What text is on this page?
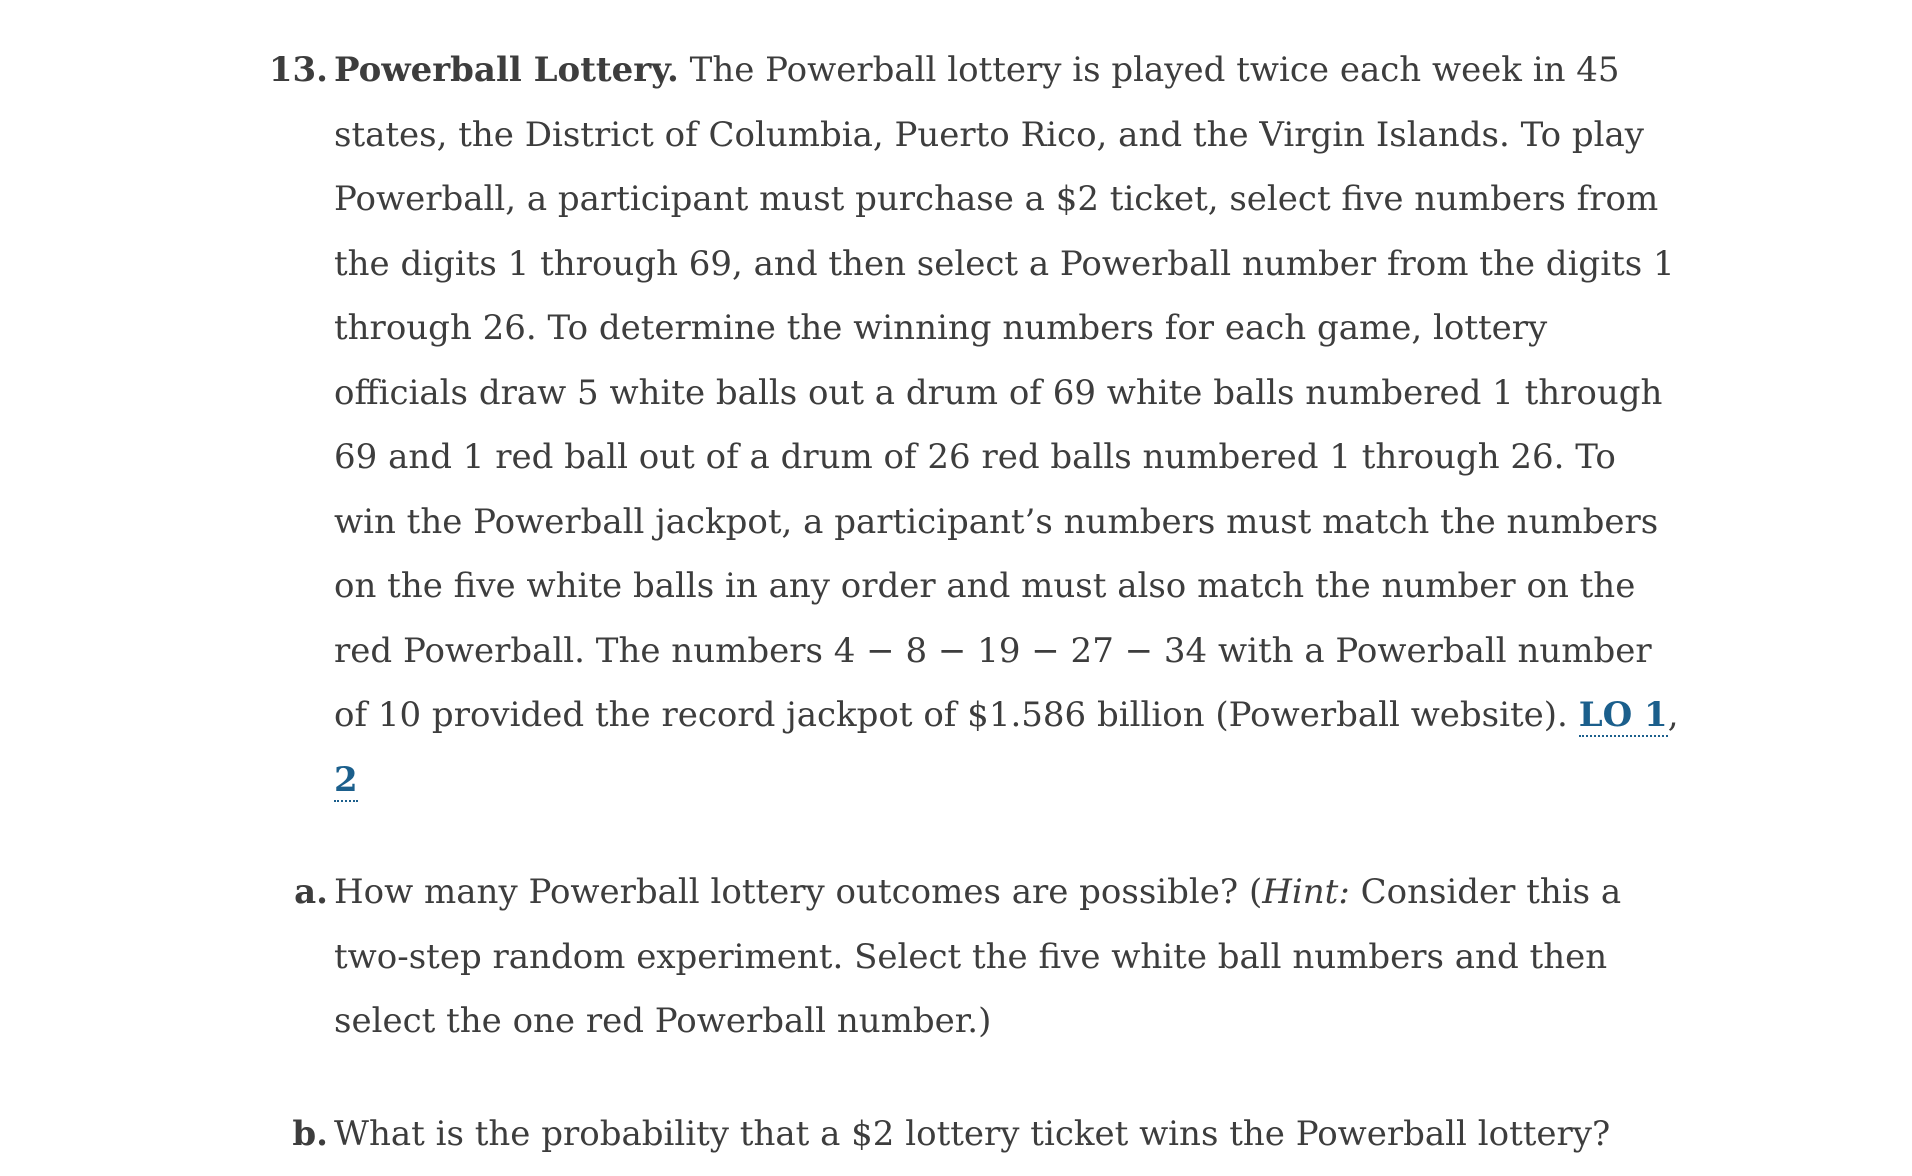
13. Powerball Lottery. The Powerball lottery is played twice each week in 45 states, the District of Columbia, Puerto Rico, and the Virgin Islands. To play Powerball, a participant must purchase a $2 ticket, select five numbers from the digits 1 through 69, and then select a Powerball number from the digits 1 through 26. To determine the winning numbers for each game, lottery officials draw 5 white balls out a drum of 69 white balls numbered 1 through 69 and 1 red ball out of a drum of 26 red balls numbered 1 through 26. To win the Powerball jackpot, a participant’s numbers must match the numbers on the five white balls in any order and must also match the number on the red Powerball. The numbers 4 − 8 − 19 − 27 − 34 with a Powerball number of 10 provided the record jackpot of $1.586 billion (Powerball website). LO 1, 2
a. How many Powerball lottery outcomes are possible? (Hint: Consider this a two-step random experiment. Select the five white ball numbers and then select the one red Powerball number.)
b. What is the probability that a $2 lottery ticket wins the Powerball lottery?
